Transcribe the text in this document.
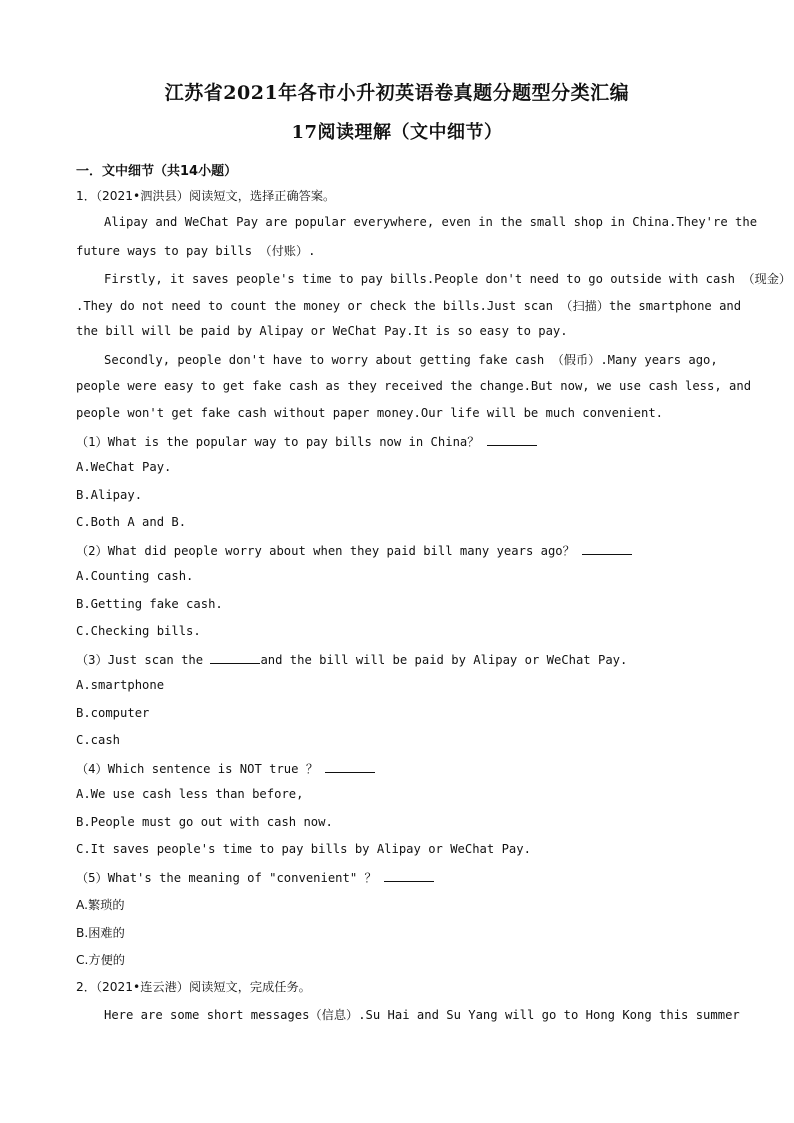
江苏省2021年各市小升初英语卷真题分题型分类汇编
17阅读理解（文中细节）
一．文中细节（共14小题）
1．（2021•泗洪县）阅读短文，选择正确答案。
Alipay and WeChat Pay are popular everywhere, even in the small shop in China.They're the
future ways to pay bills （付账）.
Firstly, it saves people's time to pay bills.People don't need to go outside with cash （现金）
.They do not need to count the money or check the bills.Just scan （扫描）the smartphone and
the bill will be paid by Alipay or WeChat Pay.It is so easy to pay.
Secondly, people don't have to worry about getting fake cash （假币）.Many years ago,
people were easy to get fake cash as they received the change.But now, we use cash less, and
people won't get fake cash without paper money.Our life will be much convenient.
（1）What is the popular way to pay bills now in China？
A.WeChat Pay.
B.Alipay.
C.Both A and B.
（2）What did people worry about when they paid bill many years ago？
A.Counting cash.
B.Getting fake cash.
C.Checking bills.
（3）Just scan the	and the bill will be paid by Alipay or WeChat Pay.
A.smartphone
B.computer
C.cash
（4）Which sentence is NOT true ？
A.We use cash less than before,
B.People must go out with cash now.
C.It saves people's time to pay bills by Alipay or WeChat Pay.
（5）What's the meaning of "convenient" ？
A.繁琐的
B.困难的
C.方便的
2．（2021•连云港）阅读短文，完成任务。
Here are some short messages（信息）.Su Hai and Su Yang will go to Hong Kong this summer
